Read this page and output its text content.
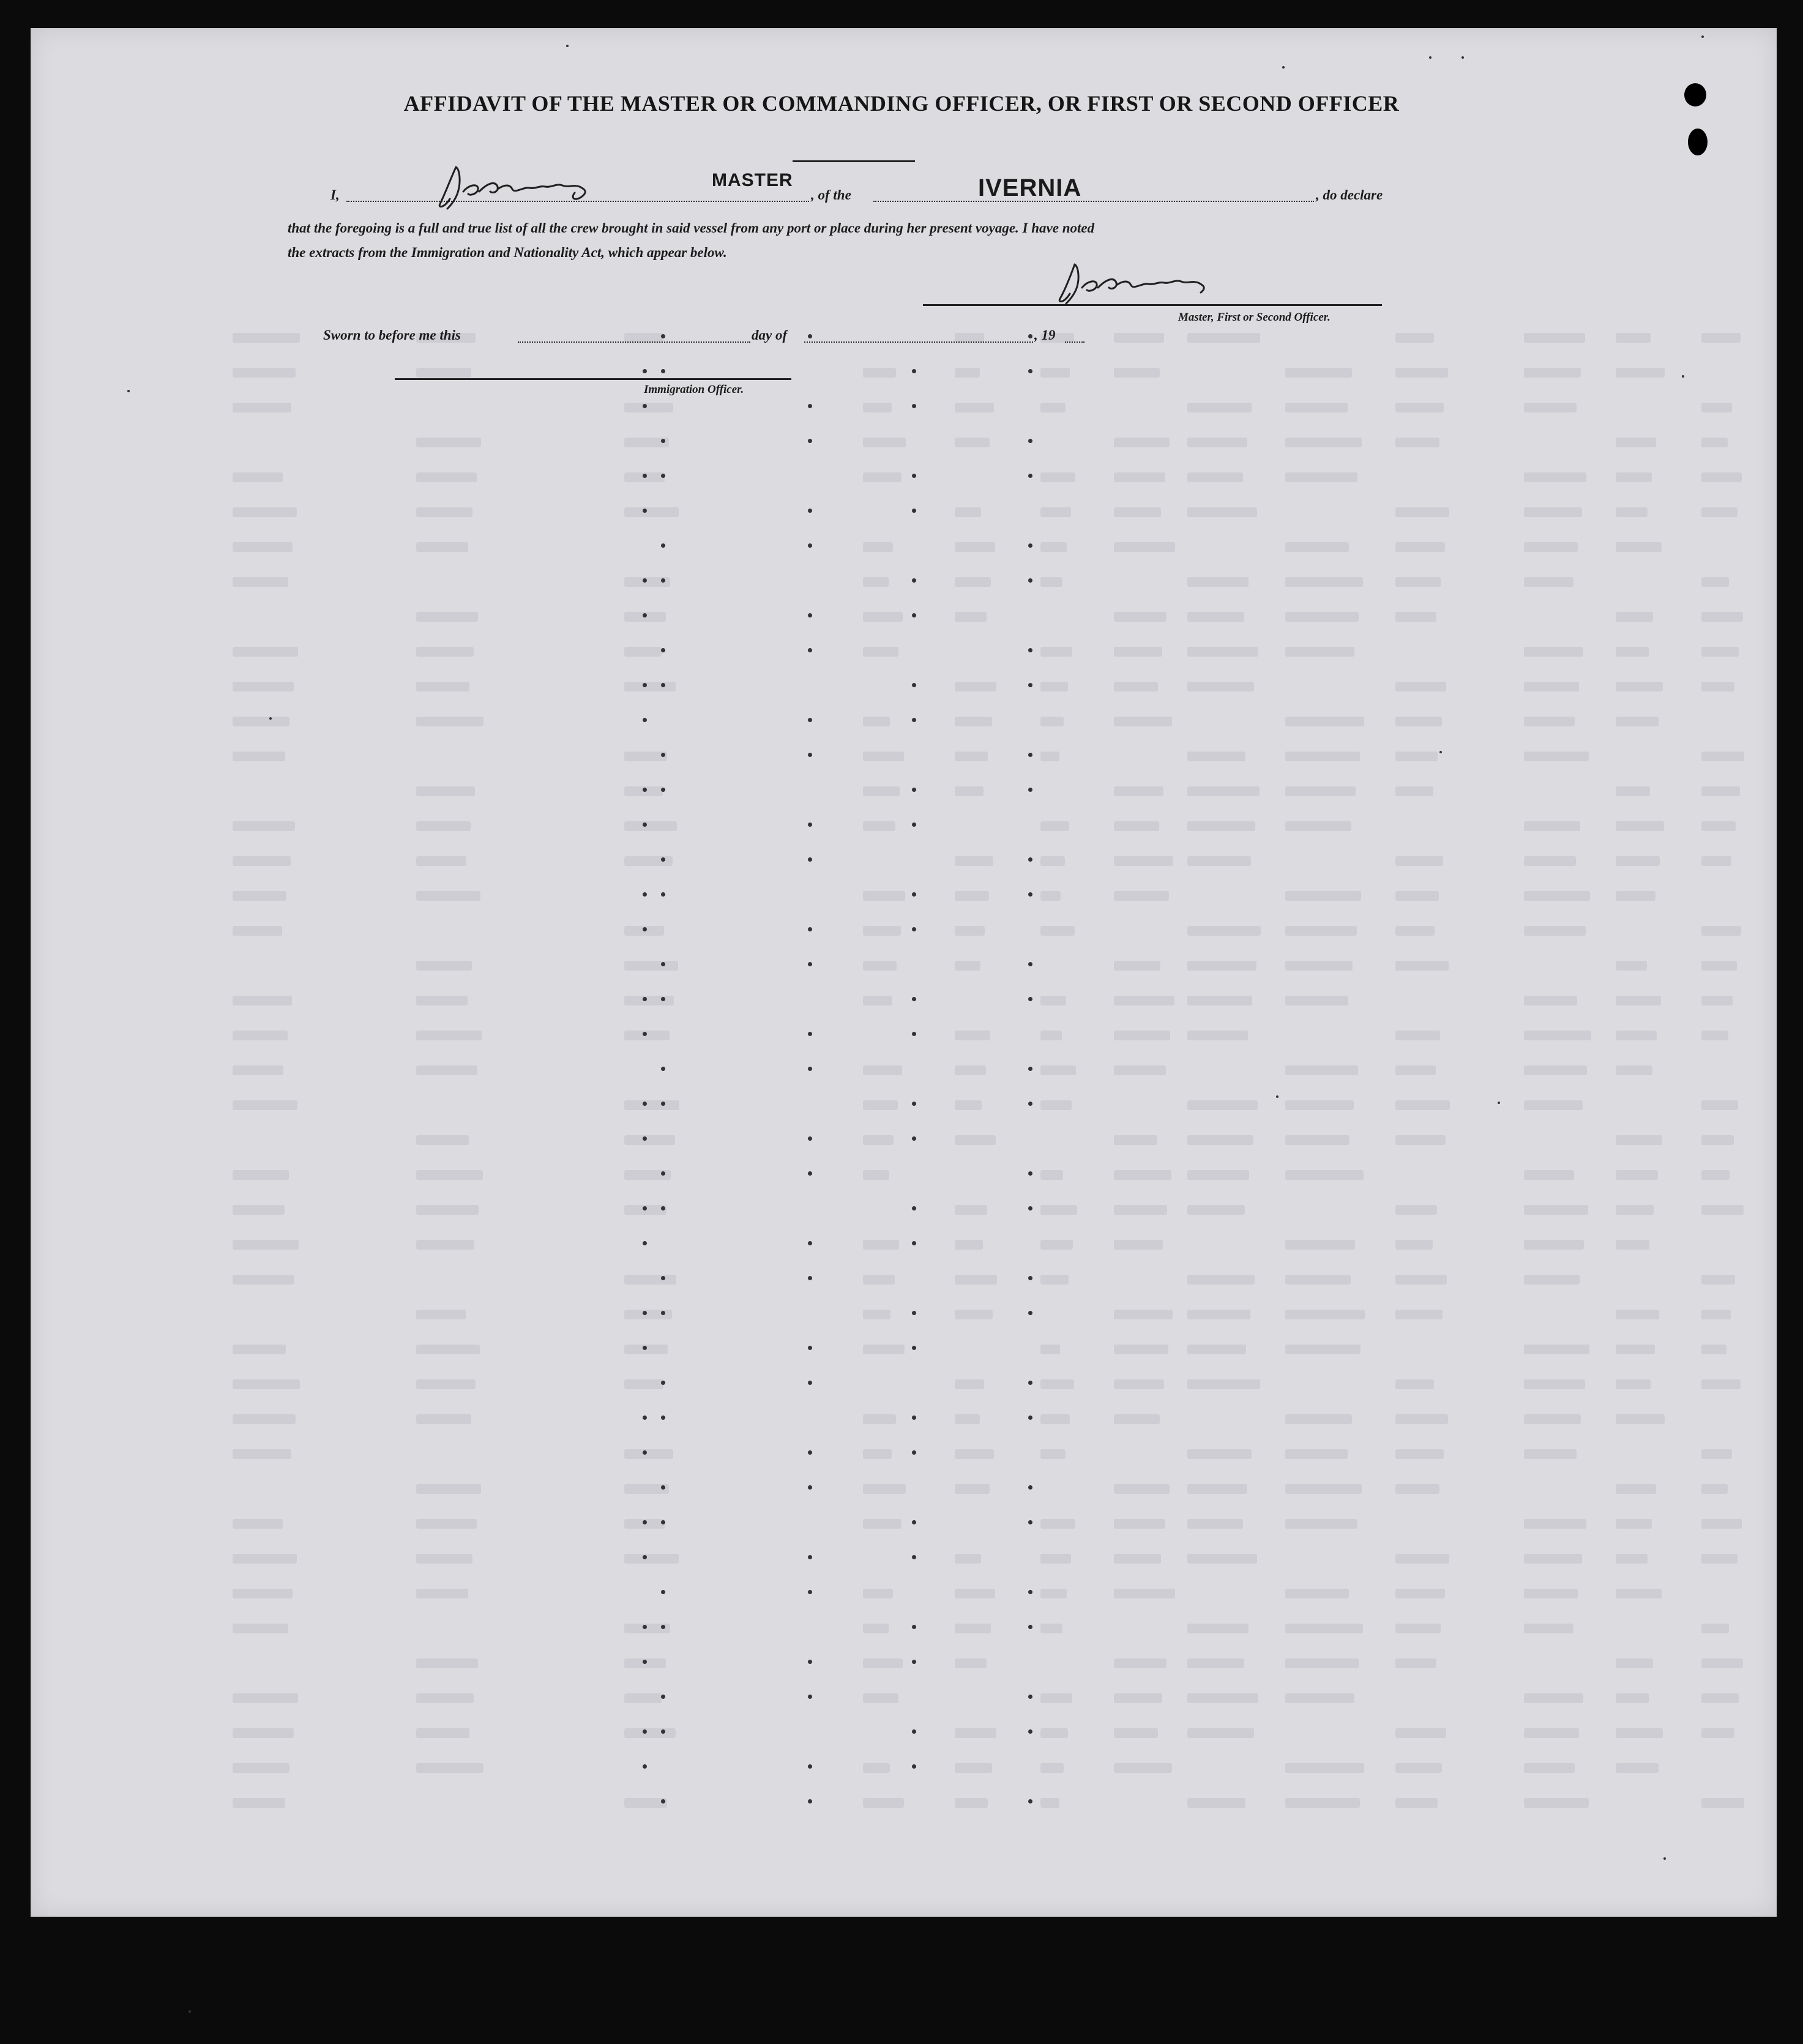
AFFIDAVIT OF THE MASTER OR COMMANDING OFFICER, OR FIRST OR SECOND OFFICER
I,
MASTER
, of the	IVERNIA	, do declare
that the foregoing is a full and true list of all the crew brought in said vessel from any port or place during her present voyage. I have noted
the extracts from the Immigration and Nationality Act, which appear below.
Master, First or Second Officer.
Sworn to before me this	day of	, 19
Immigration Officer.
